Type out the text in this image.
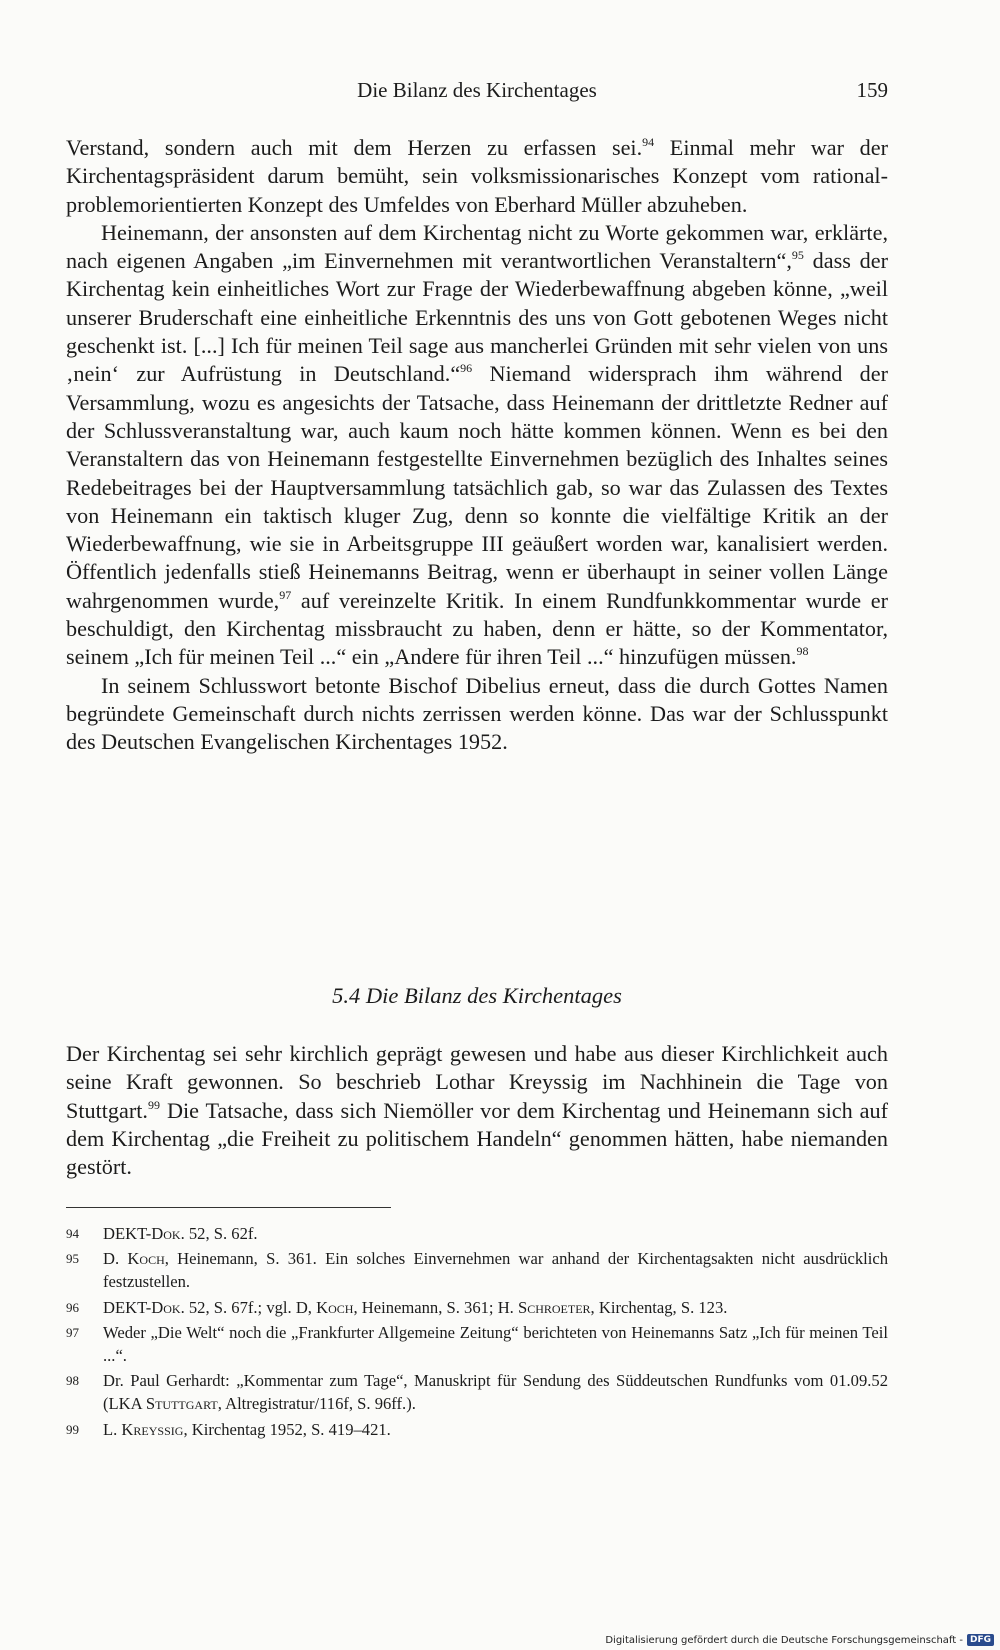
Die Bilanz des Kirchentages	159

Verstand, sondern auch mit dem Herzen zu erfassen sei.$^{94}$ Einmal mehr war der Kirchentagspräsident darum bemüht, sein volksmissionarisches Konzept vom rational-problemorientierten Konzept des Umfeldes von Eberhard Müller abzuheben.

Heinemann, der ansonsten auf dem Kirchentag nicht zu Worte gekommen war, erklärte, nach eigenen Angaben „im Einvernehmen mit verantwortlichen Veranstaltern“,$^{95}$ dass der Kirchentag kein einheitliches Wort zur Frage der Wiederbewaffnung abgeben könne, „weil unserer Bruderschaft eine einheitliche Erkenntnis des uns von Gott gebotenen Weges nicht geschenkt ist. [...] Ich für meinen Teil sage aus mancherlei Gründen mit sehr vielen von uns ‚nein‘ zur Aufrüstung in Deutschland.“$^{96}$ Niemand widersprach ihm während der Versammlung, wozu es angesichts der Tatsache, dass Heinemann der drittletzte Redner auf der Schlussveranstaltung war, auch kaum noch hätte kommen können. Wenn es bei den Veranstaltern das von Heinemann festgestellte Einvernehmen bezüglich des Inhaltes seines Redebeitrages bei der Hauptversammlung tatsächlich gab, so war das Zulassen des Textes von Heinemann ein taktisch kluger Zug, denn so konnte die vielfältige Kritik an der Wiederbewaffnung, wie sie in Arbeitsgruppe III geäußert worden war, kanalisiert werden. Öffentlich jedenfalls stieß Heinemanns Beitrag, wenn er überhaupt in seiner vollen Länge wahrgenommen wurde,$^{97}$ auf vereinzelte Kritik. In einem Rundfunkkommentar wurde er beschuldigt, den Kirchentag missbraucht zu haben, denn er hätte, so der Kommentator, seinem „Ich für meinen Teil ...“ ein „Andere für ihren Teil ...“ hinzufügen müssen.$^{98}$

In seinem Schlusswort betonte Bischof Dibelius erneut, dass die durch Gottes Namen begründete Gemeinschaft durch nichts zerrissen werden könne. Das war der Schlusspunkt des Deutschen Evangelischen Kirchentages 1952.

5.4 Die Bilanz des Kirchentages

Der Kirchentag sei sehr kirchlich geprägt gewesen und habe aus dieser Kirchlichkeit auch seine Kraft gewonnen. So beschrieb Lothar Kreyssig im Nachhinein die Tage von Stuttgart.$^{99}$ Die Tatsache, dass sich Niemöller vor dem Kirchentag und Heinemann sich auf dem Kirchentag „die Freiheit zu politischem Handeln“ genommen hätten, habe niemanden gestört.

94	DEKT-Dok. 52, S. 62f.
95	D. Koch, Heinemann, S. 361. Ein solches Einvernehmen war anhand der Kirchentagsakten nicht ausdrücklich festzustellen.
96	DEKT-Dok. 52, S. 67f.; vgl. D, Koch, Heinemann, S. 361; H. Schroeter, Kirchentag, S. 123.
97	Weder „Die Welt“ noch die „Frankfurter Allgemeine Zeitung“ berichteten von Heinemanns Satz „Ich für meinen Teil ...“.
98	Dr. Paul Gerhardt: „Kommentar zum Tage“, Manuskript für Sendung des Süddeutschen Rundfunks vom 01.09.52 (LKA Stuttgart, Altregistratur/116f, S. 96ff.).
99	L. Kreyssig, Kirchentag 1952, S. 419–421.
Digitalisierung gefördert durch die Deutsche Forschungsgemeinschaft - DFG
